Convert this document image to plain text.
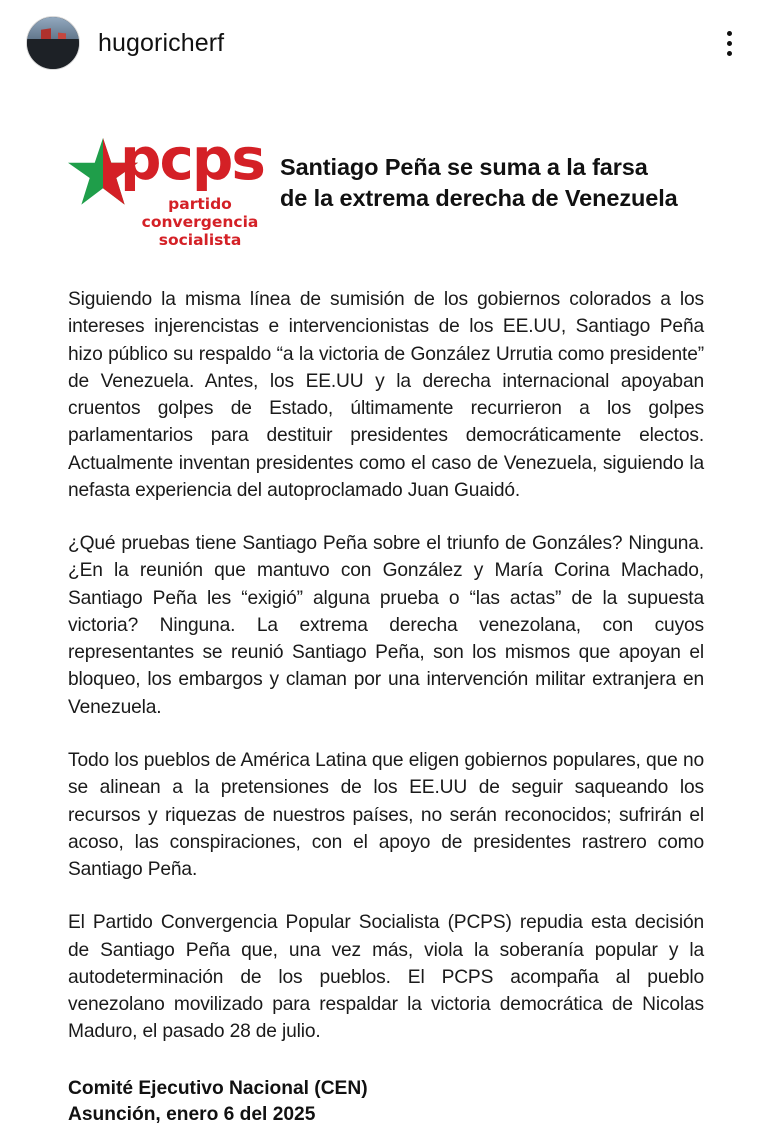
hugoricherf
pcps
partido
convergencia
socialista
Santiago Peña se suma a la farsa
de la extrema derecha de Venezuela

Siguiendo la misma línea de sumisión de los gobiernos colorados a los intereses injerencistas e intervencionistas de los EE.UU, Santiago Peña hizo público su respaldo “a la victoria de González Urrutia como presidente” de Venezuela. Antes, los EE.UU y la derecha internacional apoyaban cruentos golpes de Estado, últimamente recurrieron a los golpes parlamentarios para destituir presidentes democráticamente electos. Actualmente inventan presidentes como el caso de Venezuela, siguiendo la nefasta experiencia del autoproclamado Juan Guaidó.

¿Qué pruebas tiene Santiago Peña sobre el triunfo de Gonzáles? Ninguna. ¿En la reunión que mantuvo con González y María Corina Machado, Santiago Peña les “exigió” alguna prueba o “las actas” de la supuesta victoria? Ninguna. La extrema derecha venezolana, con cuyos representantes se reunió Santiago Peña, son los mismos que apoyan el bloqueo, los embargos y claman por una intervención militar extranjera en Venezuela.

Todo los pueblos de América Latina que eligen gobiernos populares, que no se alinean a la pretensiones de los EE.UU de seguir saqueando los recursos y riquezas de nuestros países, no serán reconocidos; sufrirán el acoso, las conspiraciones, con el apoyo de presidentes rastrero como Santiago Peña.

El Partido Convergencia Popular Socialista (PCPS) repudia esta decisión de Santiago Peña que, una vez más, viola la soberanía popular y la autodeterminación de los pueblos. El PCPS acompaña al pueblo venezolano movilizado para respaldar la victoria democrática de Nicolas Maduro, el pasado 28 de julio.

Comité Ejecutivo Nacional (CEN)
Asunción, enero 6 del 2025
